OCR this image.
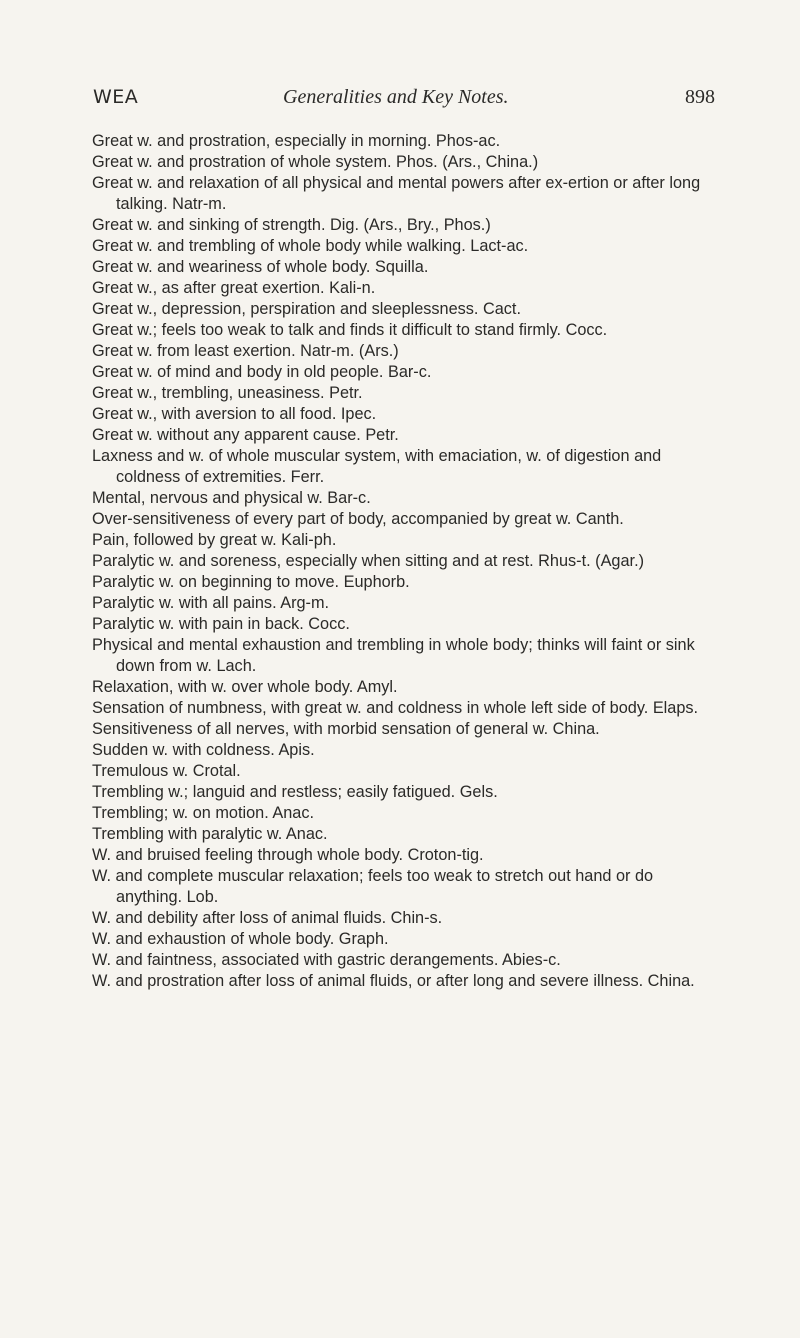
WEA	Generalities and Key Notes.	898
Great w. and prostration, especially in morning. Phos-ac.
Great w. and prostration of whole system. Phos. (Ars., China.)
Great w. and relaxation of all physical and mental powers after ex-ertion or after long talking. Natr-m.
Great w. and sinking of strength. Dig. (Ars., Bry., Phos.)
Great w. and trembling of whole body while walking. Lact-ac.
Great w. and weariness of whole body. Squilla.
Great w., as after great exertion. Kali-n.
Great w., depression, perspiration and sleeplessness. Cact.
Great w.; feels too weak to talk and finds it difficult to stand firmly. Cocc.
Great w. from least exertion. Natr-m. (Ars.)
Great w. of mind and body in old people. Bar-c.
Great w., trembling, uneasiness. Petr.
Great w., with aversion to all food. Ipec.
Great w. without any apparent cause. Petr.
Laxness and w. of whole muscular system, with emaciation, w. of digestion and coldness of extremities. Ferr.
Mental, nervous and physical w. Bar-c.
Over-sensitiveness of every part of body, accompanied by great w. Canth.
Pain, followed by great w. Kali-ph.
Paralytic w. and soreness, especially when sitting and at rest. Rhus-t. (Agar.)
Paralytic w. on beginning to move. Euphorb.
Paralytic w. with all pains. Arg-m.
Paralytic w. with pain in back. Cocc.
Physical and mental exhaustion and trembling in whole body; thinks will faint or sink down from w. Lach.
Relaxation, with w. over whole body. Amyl.
Sensation of numbness, with great w. and coldness in whole left side of body. Elaps.
Sensitiveness of all nerves, with morbid sensation of general w. China.
Sudden w. with coldness. Apis.
Tremulous w. Crotal.
Trembling w.; languid and restless; easily fatigued. Gels.
Trembling; w. on motion. Anac.
Trembling with paralytic w. Anac.
W. and bruised feeling through whole body. Croton-tig.
W. and complete muscular relaxation; feels too weak to stretch out hand or do anything. Lob.
W. and debility after loss of animal fluids. Chin-s.
W. and exhaustion of whole body. Graph.
W. and faintness, associated with gastric derangements. Abies-c.
W. and prostration after loss of animal fluids, or after long and severe illness. China.
